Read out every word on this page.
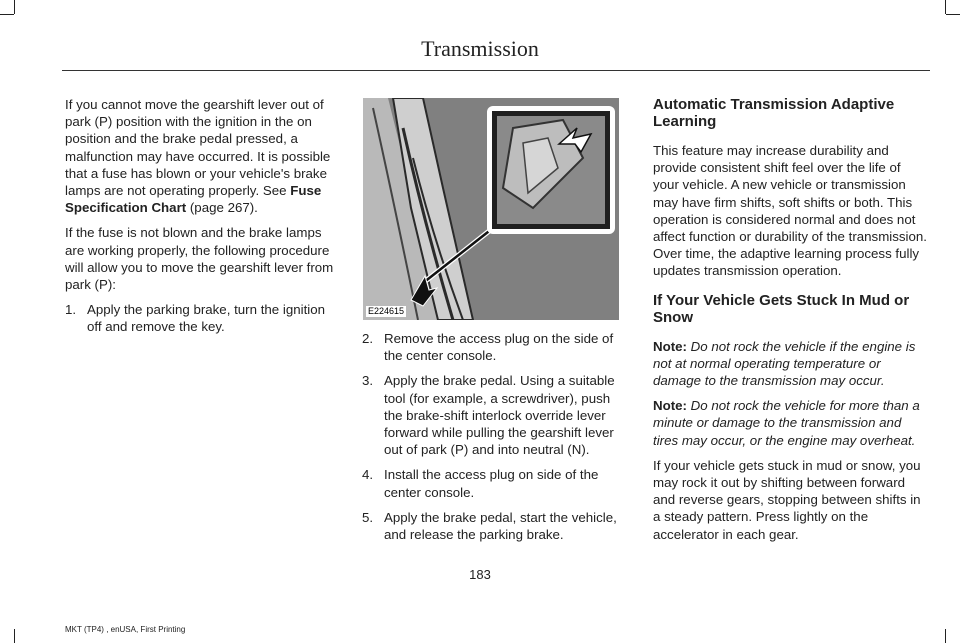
Transmission

If you cannot move the gearshift lever out of park (P) position with the ignition in the on position and the brake pedal pressed, a malfunction may have occurred. It is possible that a fuse has blown or your vehicle's brake lamps are not operating properly. See Fuse Specification Chart (page 267).

If the fuse is not blown and the brake lamps are working properly, the following procedure will allow you to move the gearshift lever from park (P):

1. Apply the parking brake, turn the ignition off and remove the key.
E224615
2. Remove the access plug on the side of the center console.
3. Apply the brake pedal. Using a suitable tool (for example, a screwdriver), push the brake-shift interlock override lever forward while pulling the gearshift lever out of park (P) and into neutral (N).
4. Install the access plug on side of the center console.
5. Apply the brake pedal, start the vehicle, and release the parking brake.
Automatic Transmission Adaptive Learning

This feature may increase durability and provide consistent shift feel over the life of your vehicle. A new vehicle or transmission may have firm shifts, soft shifts or both. This operation is considered normal and does not affect function or durability of the transmission. Over time, the adaptive learning process fully updates transmission operation.

If Your Vehicle Gets Stuck In Mud or Snow

Note: Do not rock the vehicle if the engine is not at normal operating temperature or damage to the transmission may occur.

Note: Do not rock the vehicle for more than a minute or damage to the transmission and tires may occur, or the engine may overheat.

If your vehicle gets stuck in mud or snow, you may rock it out by shifting between forward and reverse gears, stopping between shifts in a steady pattern. Press lightly on the accelerator in each gear.

183
MKT (TP4) , enUSA, First Printing
